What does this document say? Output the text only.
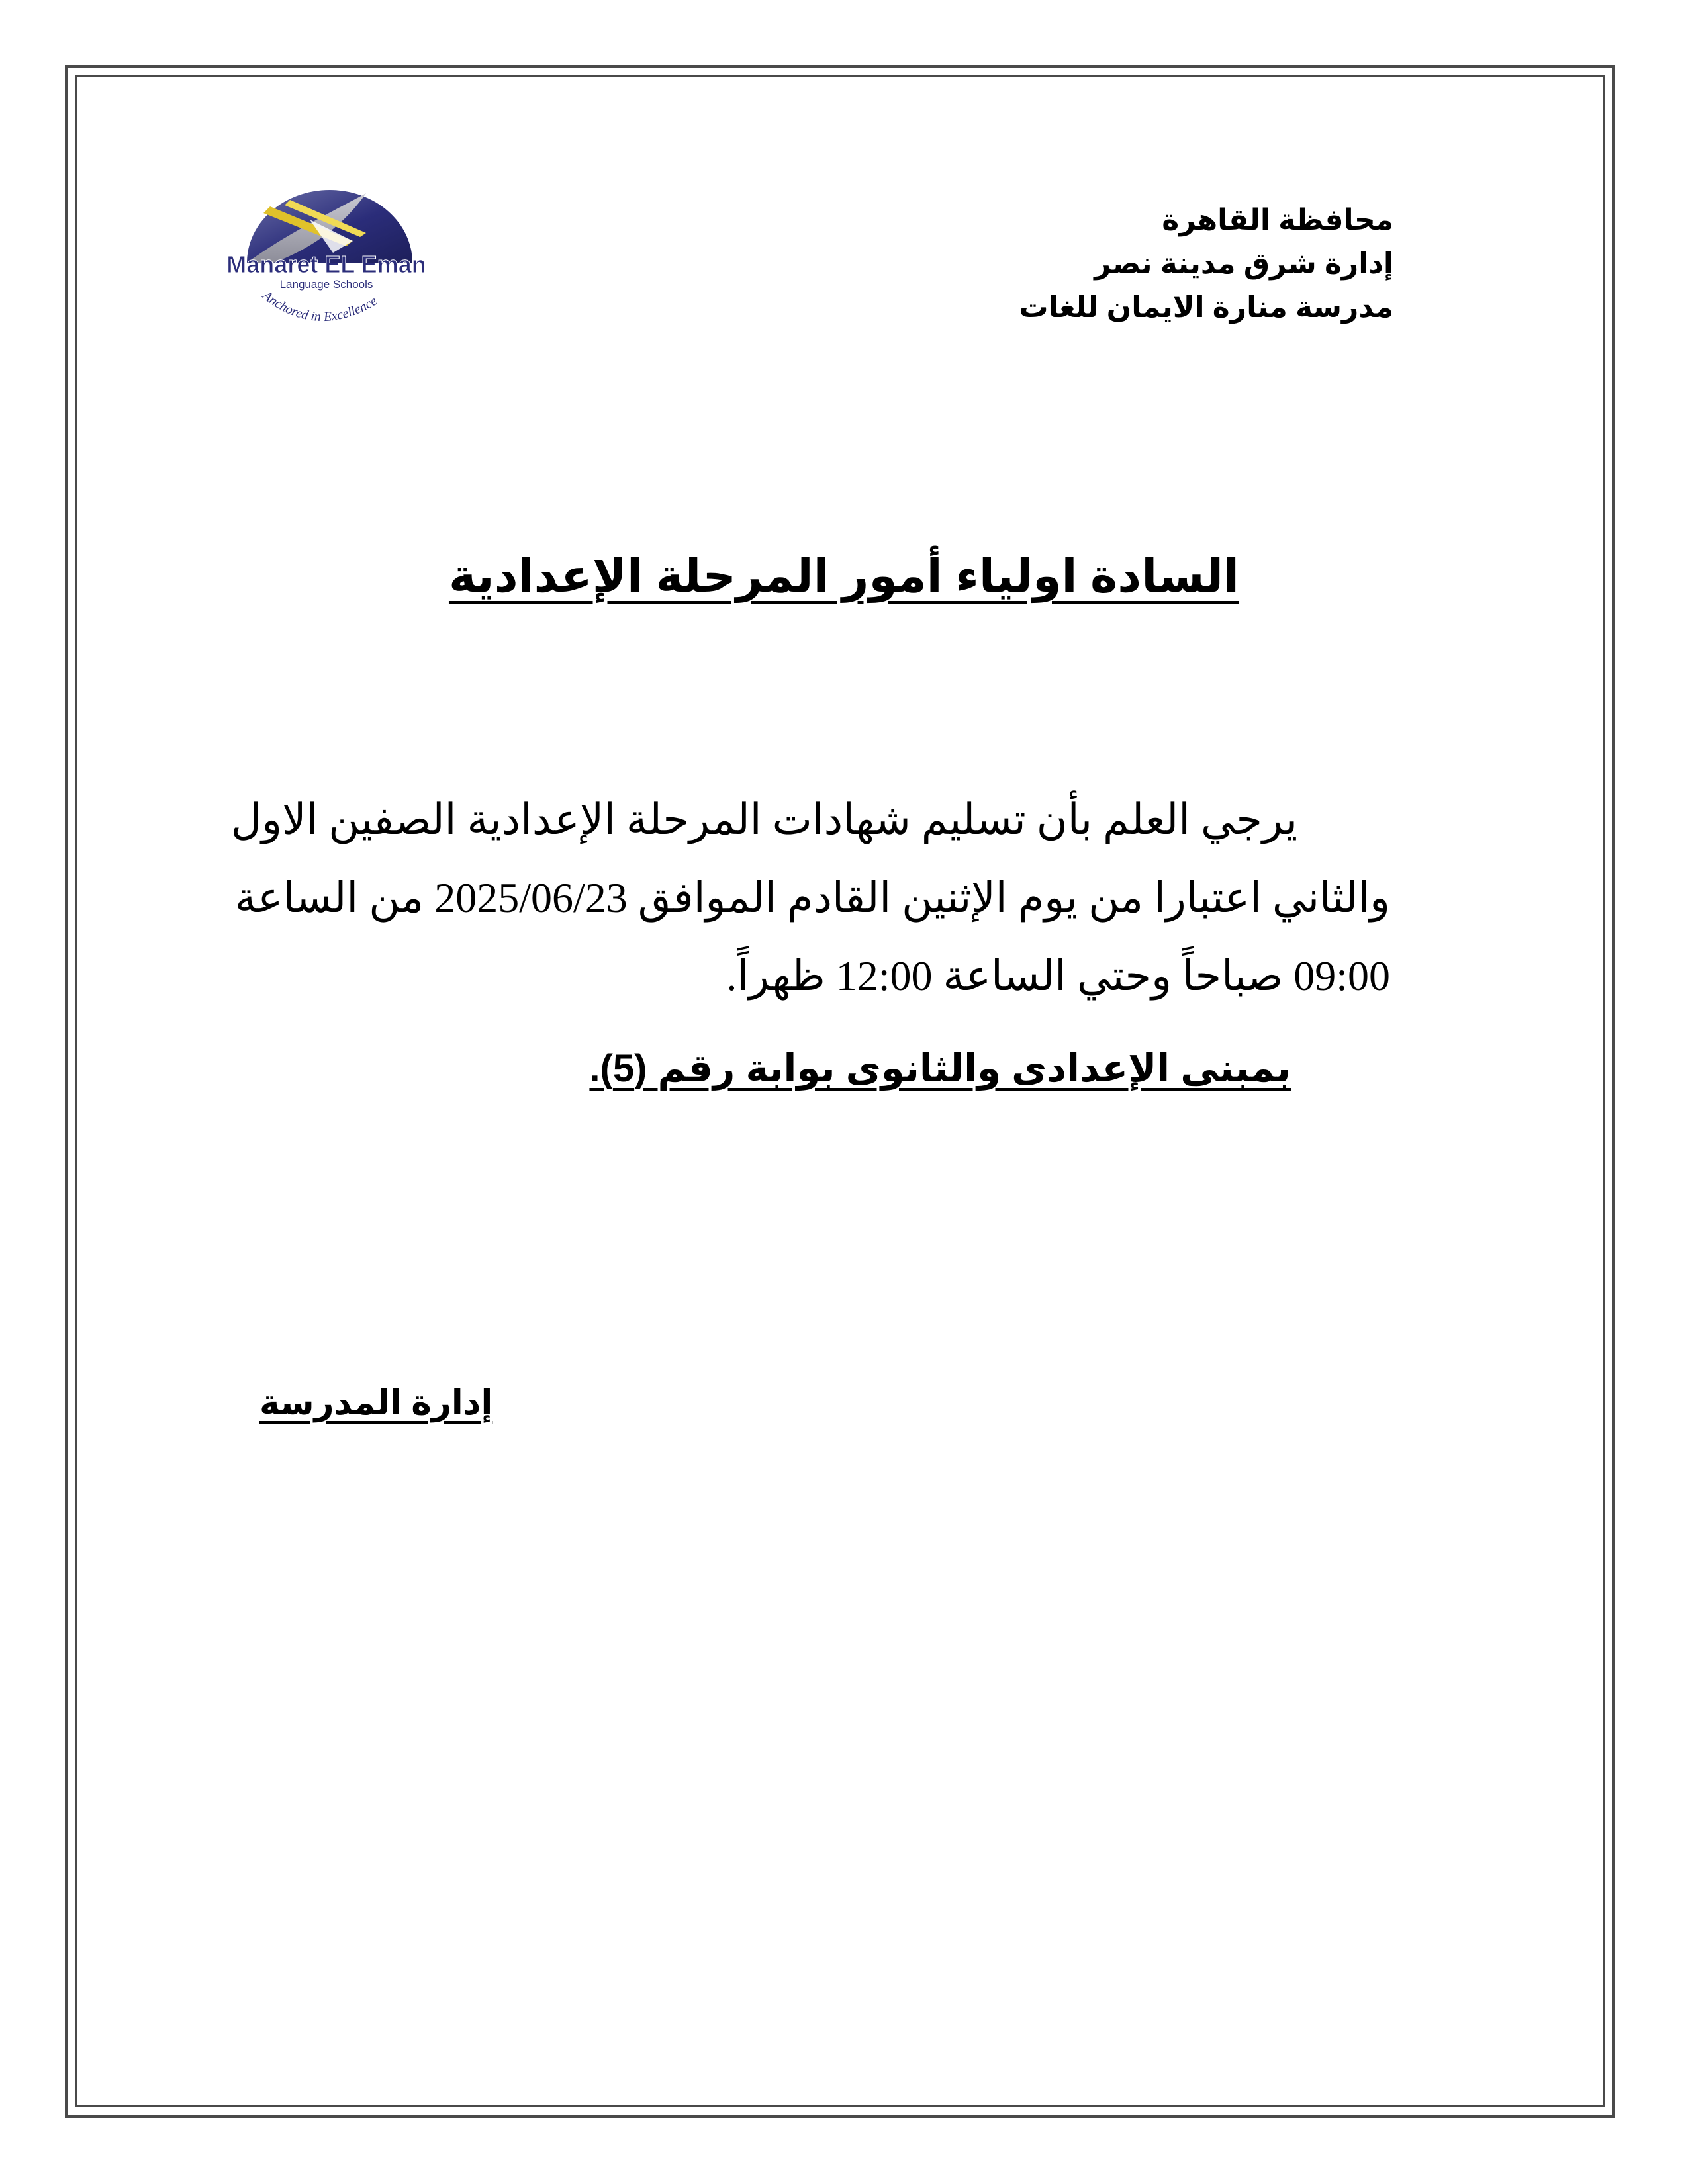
محافظة القاهرة
إدارة شرق مدينة نصر
مدرسة منارة الايمان للغات
Manaret EL Eman
Language Schools
Anchored in Excellence
السادة اولياء أمور المرحلة الإعدادية
يرجي العلم بأن تسليم شهادات المرحلة الإعدادية الصفين الاول
والثاني اعتبارا من يوم الإثنين القادم الموافق 2025/06/23 من الساعة
09:00 صباحاً وحتي الساعة 12:00 ظهراً.
بمبنى الإعدادى والثانوى بوابة رقم (5).
إدارة المدرسة
